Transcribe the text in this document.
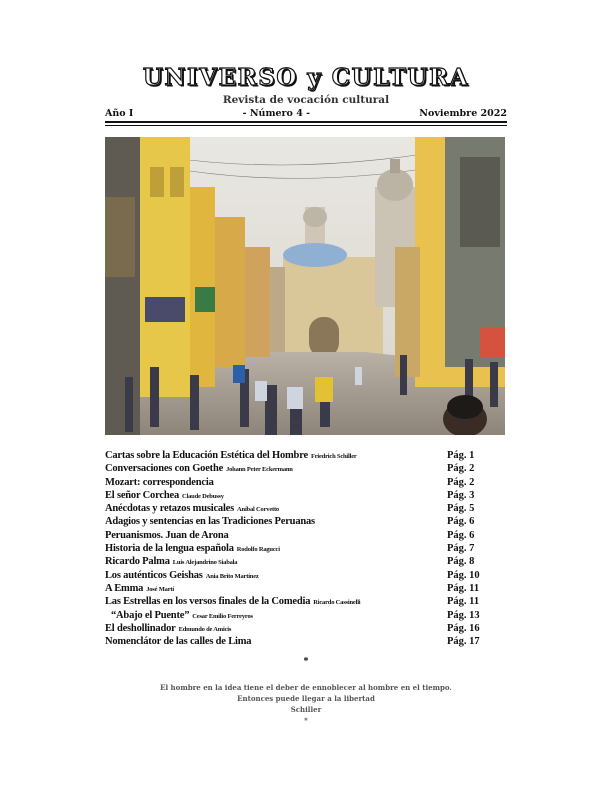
UNIVERSO y CULTURA
Revista de vocación cultural
Año I	- Número 4 -	Noviembre 2022
Cartas sobre la Educación Estética del Hombre Friedrich Schiller	Pág. 1
Conversaciones con Goethe Johann Peter Eckermann	Pág. 2
Mozart: correspondencia	Pág. 2
El señor Corchea Claude Debussy	Pág. 3
Anécdotas y retazos musicales Aníbal Corvetto	Pág. 5
Adagios y sentencias en las Tradiciones Peruanas	Pág. 6
Peruanismos. Juan de Arona	Pág. 6
Historia de la lengua española Rodolfo Ragucci	Pág. 7
Ricardo Palma Luis Alejandrino Siabala	Pág. 8
Los auténticos Geishas Ania Brito Martínez	Pág. 10
A Emma José Martí	Pág. 11
Las Estrellas en los versos finales de la Comedia Ricardo Cassinelli	Pág. 11
“Abajo el Puente” Cesar Emilio Ferreyros	Pág. 13
El deshollinador Edmundo de Amicis	Pág. 16
Nomenclátor de las calles de Lima	Pág. 17
*
El hombre en la idea tiene el deber de ennoblecer al hombre en el tiempo.
Entonces puede llegar a la libertad
Schiller
*
